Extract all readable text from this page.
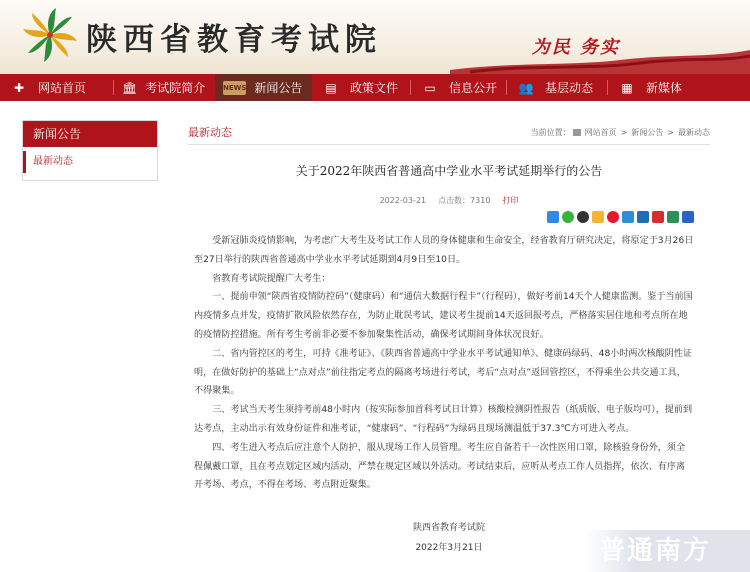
陕西省教育考试院	为民 务实
✚	网站首页	🏛 考试院简介	NEWS 新闻公告	▤	政策文件	▭	信息公开 👥 基层动态	▦	新媒体
新闻公告
最新动态
最新动态	当前位置： 网站首页 > 新闻公告 > 最新动态
关于2022年陕西省普通高中学业水平考试延期举行的公告
2022-03-21 点击数：7310 打印

受新冠肺炎疫情影响，为考虑广大考生及考试工作人员的身体健康和生命安全，经省教育厅研究决定，将原定于3月26日至27日举行的陕西省普通高中学业水平考试延期到4月9日至10日。

省教育考试院提醒广大考生：

一、提前申领“陕西省疫情防控码”（健康码）和“通信大数据行程卡”（行程码），做好考前14天个人健康监测。鉴于当前国内疫情多点并发，疫情扩散风险依然存在，为防止耽误考试，建议考生提前14天返回报考点，严格落实居住地和考点所在地的疫情防控措施。所有考生考前非必要不参加聚集性活动，确保考试期间身体状况良好。

二、省内管控区的考生，可持《准考证》、《陕西省普通高中学业水平考试通知单》、健康码绿码、48小时两次核酸阴性证明，在做好防护的基础上“点对点”前往指定考点的隔离考场进行考试，考后“点对点”返回管控区，不得乘坐公共交通工具，不得聚集。

三、考试当天考生须持考前48小时内（按实际参加首科考试日计算）核酸检测阴性报告（纸质版、电子版均可），提前到达考点，主动出示有效身份证件和准考证，“健康码”、“行程码”为绿码且现场测温低于37.3℃方可进入考点。

四、考生进入考点后应注意个人防护，服从现场工作人员管理。考生应自备若干一次性医用口罩，除核验身份外，须全程佩戴口罩，且在考点划定区域内活动，严禁在规定区域以外活动。考试结束后，应听从考点工作人员指挥，依次、有序离开考场、考点，不得在考场、考点附近聚集。

陕西省教育考试院
2022年3月21日	普通南方
